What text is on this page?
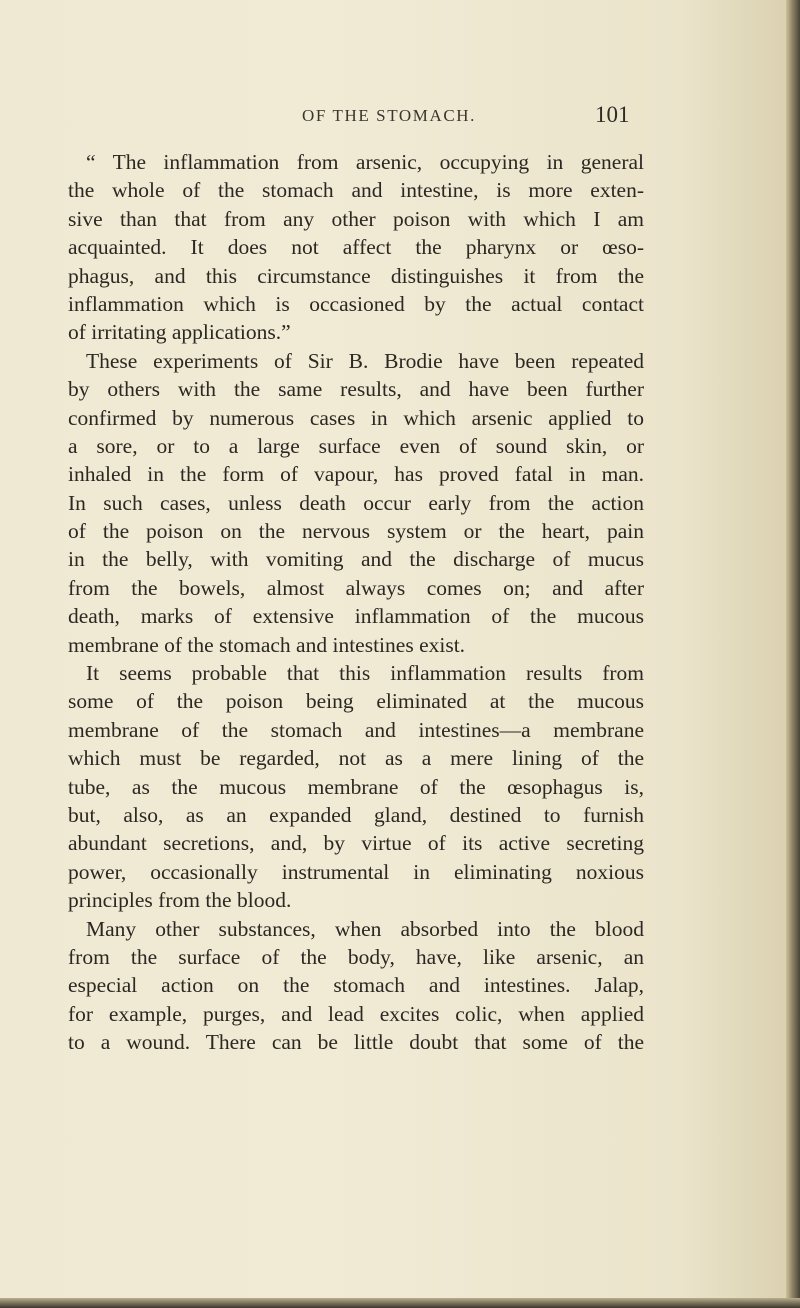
OF THE STOMACH.	101
“ The inflammation from arsenic, occupying in general
the whole of the stomach and intestine, is more exten-
sive than that from any other poison with which I am
acquainted. It does not affect the pharynx or œso-
phagus, and this circumstance distinguishes it from the
inflammation which is occasioned by the actual contact
of irritating applications.”
These experiments of Sir B. Brodie have been repeated
by others with the same results, and have been further
confirmed by numerous cases in which arsenic applied to
a sore, or to a large surface even of sound skin, or
inhaled in the form of vapour, has proved fatal in man.
In such cases, unless death occur early from the action
of the poison on the nervous system or the heart, pain
in the belly, with vomiting and the discharge of mucus
from the bowels, almost always comes on; and after
death, marks of extensive inflammation of the mucous
membrane of the stomach and intestines exist.
It seems probable that this inflammation results from
some of the poison being eliminated at the mucous
membrane of the stomach and intestines—a membrane
which must be regarded, not as a mere lining of the
tube, as the mucous membrane of the œsophagus is,
but, also, as an expanded gland, destined to furnish
abundant secretions, and, by virtue of its active secreting
power, occasionally instrumental in eliminating noxious
principles from the blood.
Many other substances, when absorbed into the blood
from the surface of the body, have, like arsenic, an
especial action on the stomach and intestines. Jalap,
for example, purges, and lead excites colic, when applied
to a wound. There can be little doubt that some of the
